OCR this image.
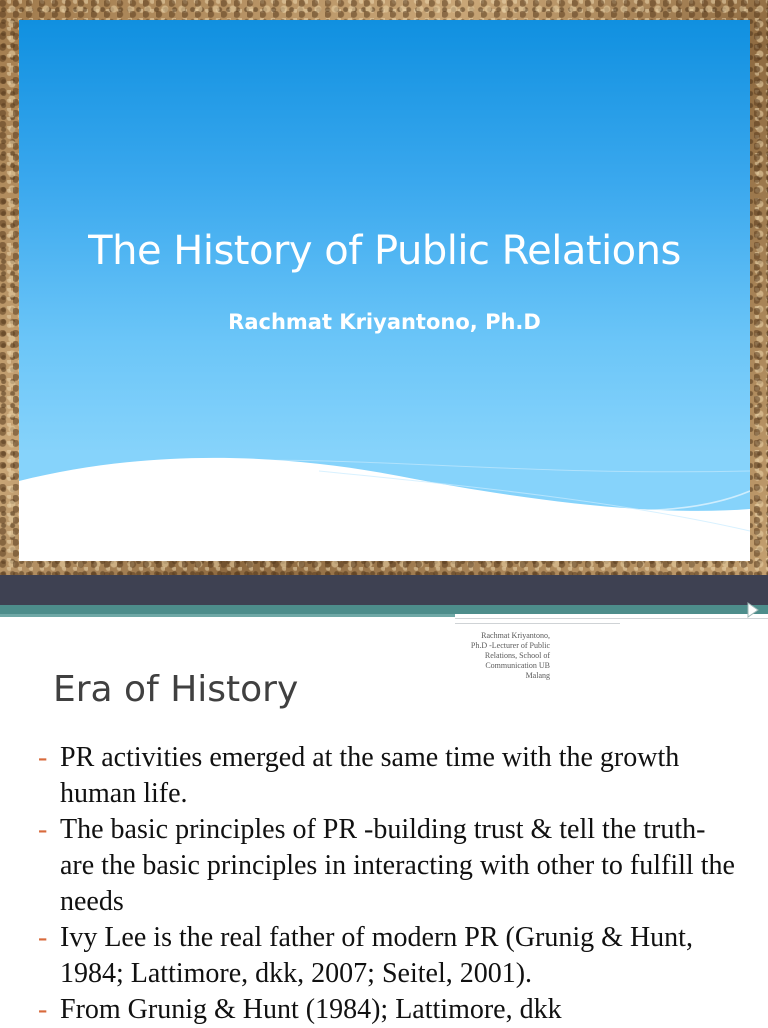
The History of Public Relations

Rachmat Kriyantono, Ph.D

Rachmat Kriyantono,
Ph.D -Lecturer of Public
Relations, School of
Communication UB
Malang
Era of History
- PR activities emerged at the same time with the growth human life.
- The basic principles of PR -building trust & tell the truth- are the basic principles in interacting with other to fulfill the needs
- Ivy Lee is the real father of modern PR (Grunig & Hunt, 1984; Lattimore, dkk, 2007; Seitel, 2001).
- From Grunig & Hunt (1984); Lattimore, dkk
